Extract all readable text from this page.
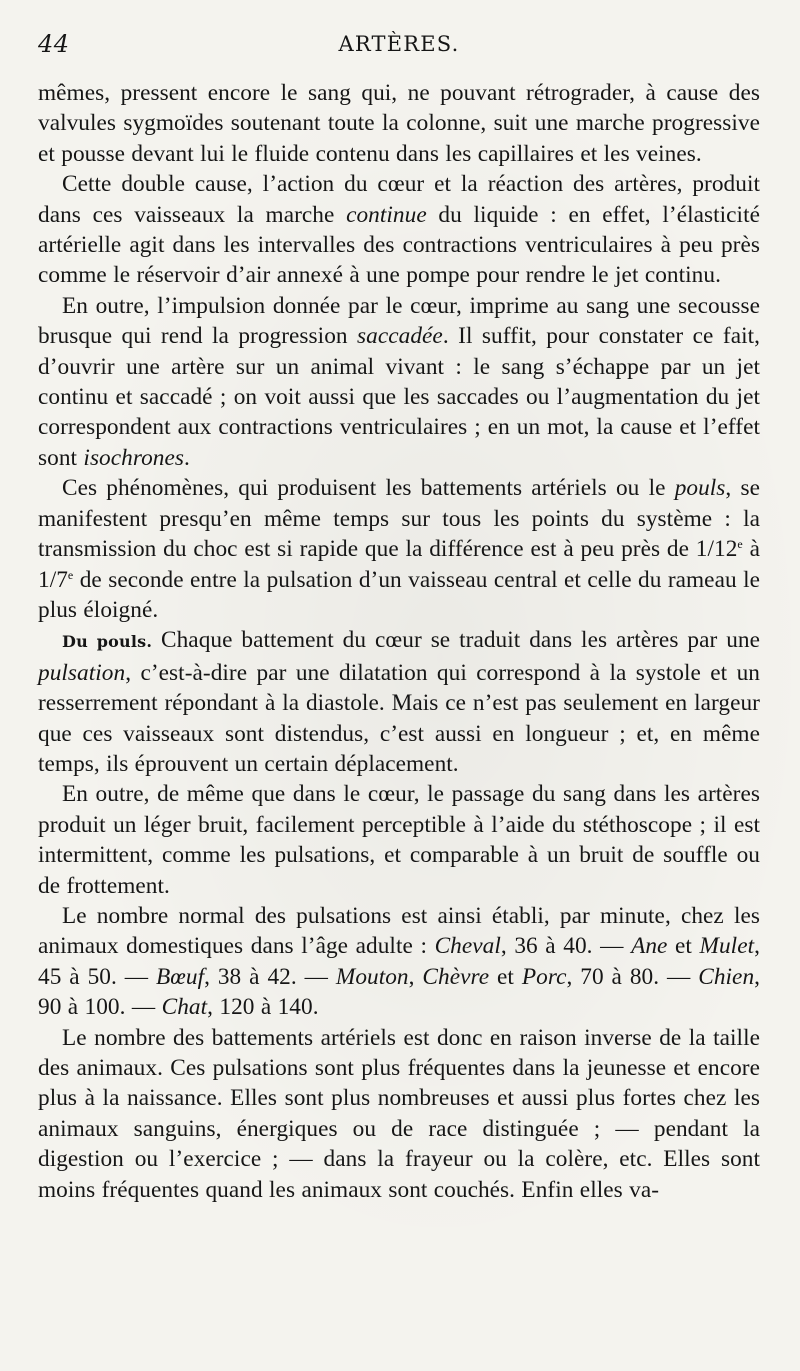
44	ARTÈRES.

mêmes, pressent encore le sang qui, ne pouvant rétrograder, à cause des valvules sygmoïdes soutenant toute la colonne, suit une marche progressive et pousse devant lui le fluide contenu dans les capillaires et les veines.

Cette double cause, l’action du cœur et la réaction des artères, produit dans ces vaisseaux la marche continue du liquide : en effet, l’élasticité artérielle agit dans les intervalles des contractions ventriculaires à peu près comme le réservoir d’air annexé à une pompe pour rendre le jet continu.

En outre, l’impulsion donnée par le cœur, imprime au sang une secousse brusque qui rend la progression saccadée. Il suffit, pour constater ce fait, d’ouvrir une artère sur un animal vivant : le sang s’échappe par un jet continu et saccadé ; on voit aussi que les saccades ou l’augmentation du jet correspondent aux contractions ventriculaires ; en un mot, la cause et l’effet sont isochrones.

Ces phénomènes, qui produisent les battements artériels ou le pouls, se manifestent presqu’en même temps sur tous les points du système : la transmission du choc est si rapide que la différence est à peu près de 1/12e à 1/7e de seconde entre la pulsation d’un vaisseau central et celle du rameau le plus éloigné.

Du pouls. Chaque battement du cœur se traduit dans les artères par une pulsation, c’est-à-dire par une dilatation qui correspond à la systole et un resserrement répondant à la diastole. Mais ce n’est pas seulement en largeur que ces vaisseaux sont distendus, c’est aussi en longueur ; et, en même temps, ils éprouvent un certain déplacement.

En outre, de même que dans le cœur, le passage du sang dans les artères produit un léger bruit, facilement perceptible à l’aide du stéthoscope ; il est intermittent, comme les pulsations, et comparable à un bruit de souffle ou de frottement.

Le nombre normal des pulsations est ainsi établi, par minute, chez les animaux domestiques dans l’âge adulte : Cheval, 36 à 40. — Ane et Mulet, 45 à 50. — Bœuf, 38 à 42. — Mouton, Chèvre et Porc, 70 à 80. — Chien, 90 à 100. — Chat, 120 à 140.

Le nombre des battements artériels est donc en raison inverse de la taille des animaux. Ces pulsations sont plus fréquentes dans la jeunesse et encore plus à la naissance. Elles sont plus nombreuses et aussi plus fortes chez les animaux sanguins, énergiques ou de race distinguée ; — pendant la digestion ou l’exercice ; — dans la frayeur ou la colère, etc. Elles sont moins fréquentes quand les animaux sont couchés. Enfin elles va-
